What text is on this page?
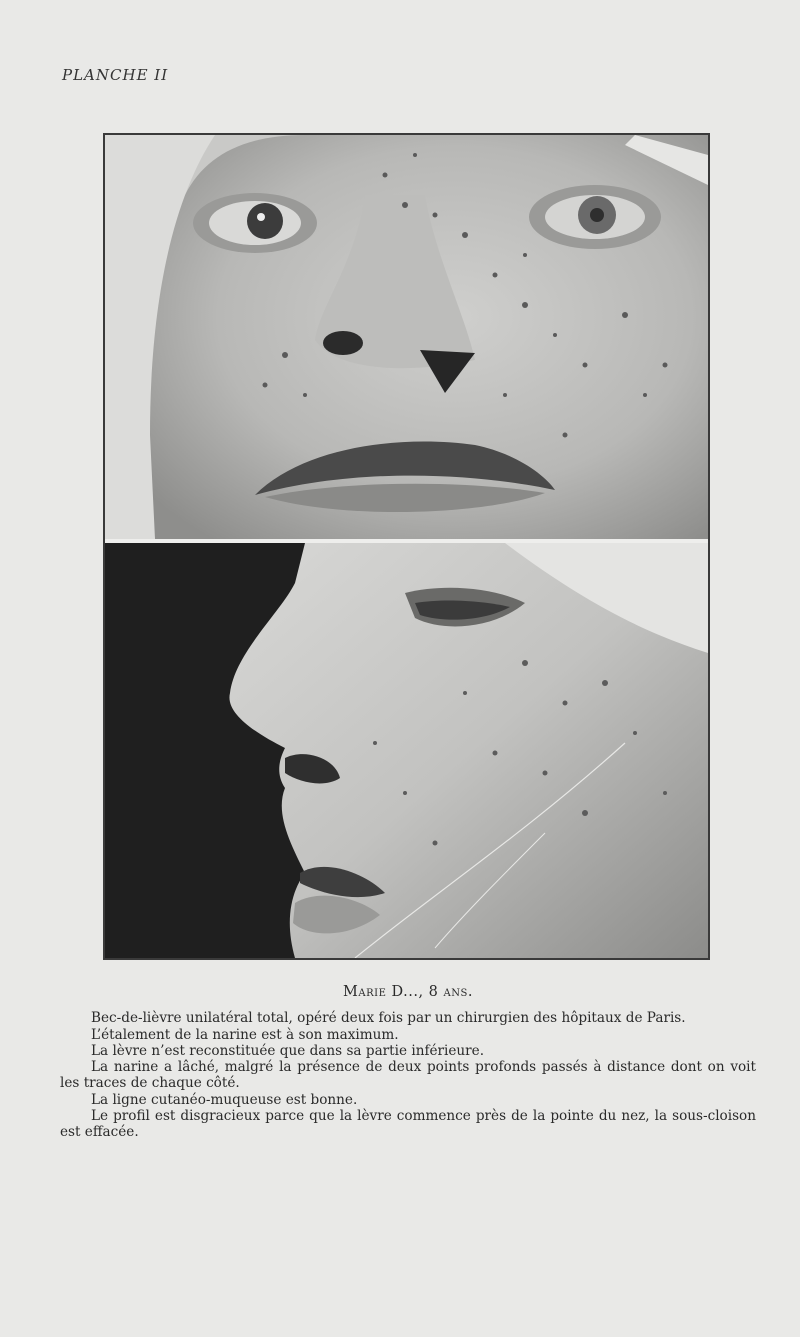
PLANCHE II
Marie D..., 8 ans.

Bec-de-lièvre unilatéral total, opéré deux fois par un chirurgien des hôpitaux de Paris.

L’étalement de la narine est à son maximum.

La lèvre n’est reconstituée que dans sa partie inférieure.

La narine a lâché, malgré la présence de deux points profonds passés à distance dont on voit les traces de chaque côté.

La ligne cutanéo-muqueuse est bonne.

Le profil est disgracieux parce que la lèvre commence près de la pointe du nez, la sous-cloison est effacée.
